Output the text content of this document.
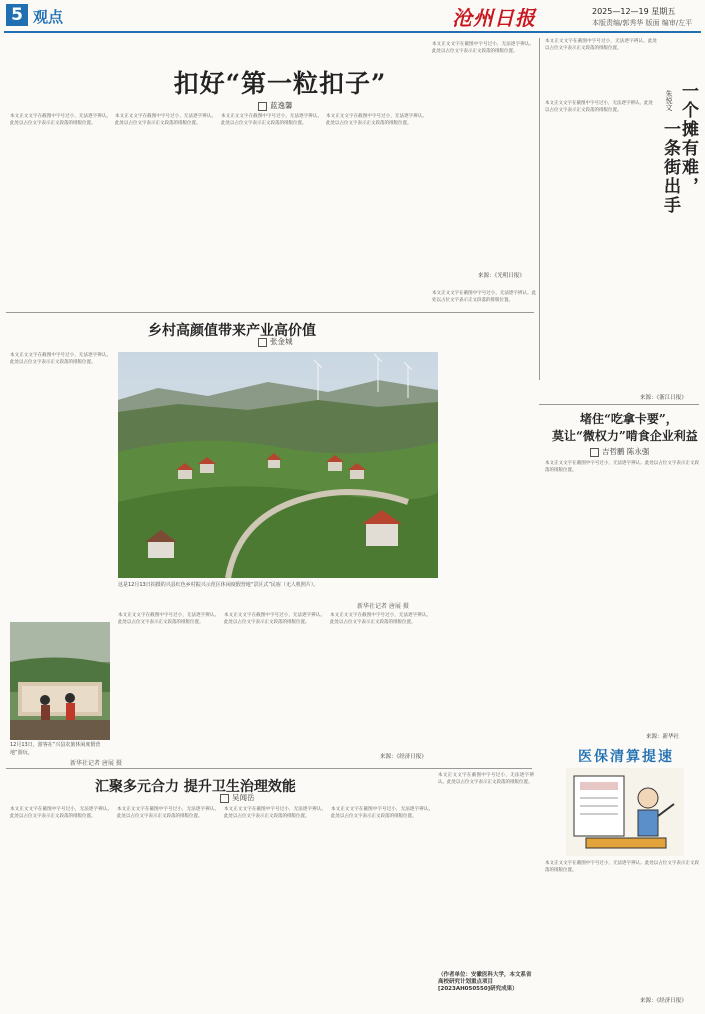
5 观点	沧州日报	2025—12—19 星期五
本版责编/郭秀华 版面 编审/左平
扣好“第一粒扣子”
蓝逸馨
本文正文文字在截图中字号过小，无法逐字辨认。此处以占位文字表示正文段落的排版位置。
本文正文文字在截图中字号过小，无法逐字辨认。此处以占位文字表示正文段落的排版位置。
本文正文文字在截图中字号过小，无法逐字辨认。此处以占位文字表示正文段落的排版位置。
本文正文文字在截图中字号过小，无法逐字辨认。此处以占位文字表示正文段落的排版位置。
本文正文文字在截图中字号过小，无法逐字辨认。此处以占位文字表示正文段落的排版位置。
来源：《光明日报》
本文正文文字在截图中字号过小，无法逐字辨认。此处以占位文字表示正文段落的排版位置。
一个摊有难，
一条街出手
朱悦文
本文正文文字在截图中字号过小，无法逐字辨认。此处以占位文字表示正文段落的排版位置。
来源：《浙江日报》
乡村高颜值带来产业高价值
张金城
本文正文文字在截图中字号过小，无法逐字辨认。此处以占位文字表示正文段落的排版位置。
这是12月13日拍摄的兴县红色乡村振兴示范区休闲度假营地“景区式”民宿（无人机照片）。
新华社记者 唐展 摄
12月13日，游客在“兴县农旅休闲度假营地”游玩。
新华社记者 唐展 摄
本文正文文字在截图中字号过小，无法逐字辨认。此处以占位文字表示正文段落的排版位置。
本文正文文字在截图中字号过小，无法逐字辨认。此处以占位文字表示正文段落的排版位置。
本文正文文字在截图中字号过小，无法逐字辨认。此处以占位文字表示正文段落的排版位置。
本文正文文字在截图中字号过小，无法逐字辨认。此处以占位文字表示正文段落的排版位置。
来源：《经济日报》
堵住“吃拿卡要”，
莫让“微权力”啃食企业利益
吉哲鹏 陈永强
本文正文文字在截图中字号过小，无法逐字辨认。此处以占位文字表示正文段落的排版位置。
来源：新华社
医保清算提速
汇聚多元合力 提升卫生治理效能
吴闻岳
本文正文文字在截图中字号过小，无法逐字辨认。此处以占位文字表示正文段落的排版位置。
本文正文文字在截图中字号过小，无法逐字辨认。此处以占位文字表示正文段落的排版位置。
本文正文文字在截图中字号过小，无法逐字辨认。此处以占位文字表示正文段落的排版位置。
本文正文文字在截图中字号过小，无法逐字辨认。此处以占位文字表示正文段落的排版位置。
本文正文文字在截图中字号过小，无法逐字辨认。此处以占位文字表示正文段落的排版位置。
（作者单位：安徽医科大学，本文系省高校研究计划重点项目[2023AH050550]研究成果）
本文正文文字在截图中字号过小，无法逐字辨认。此处以占位文字表示正文段落的排版位置。
来源：《经济日报》
